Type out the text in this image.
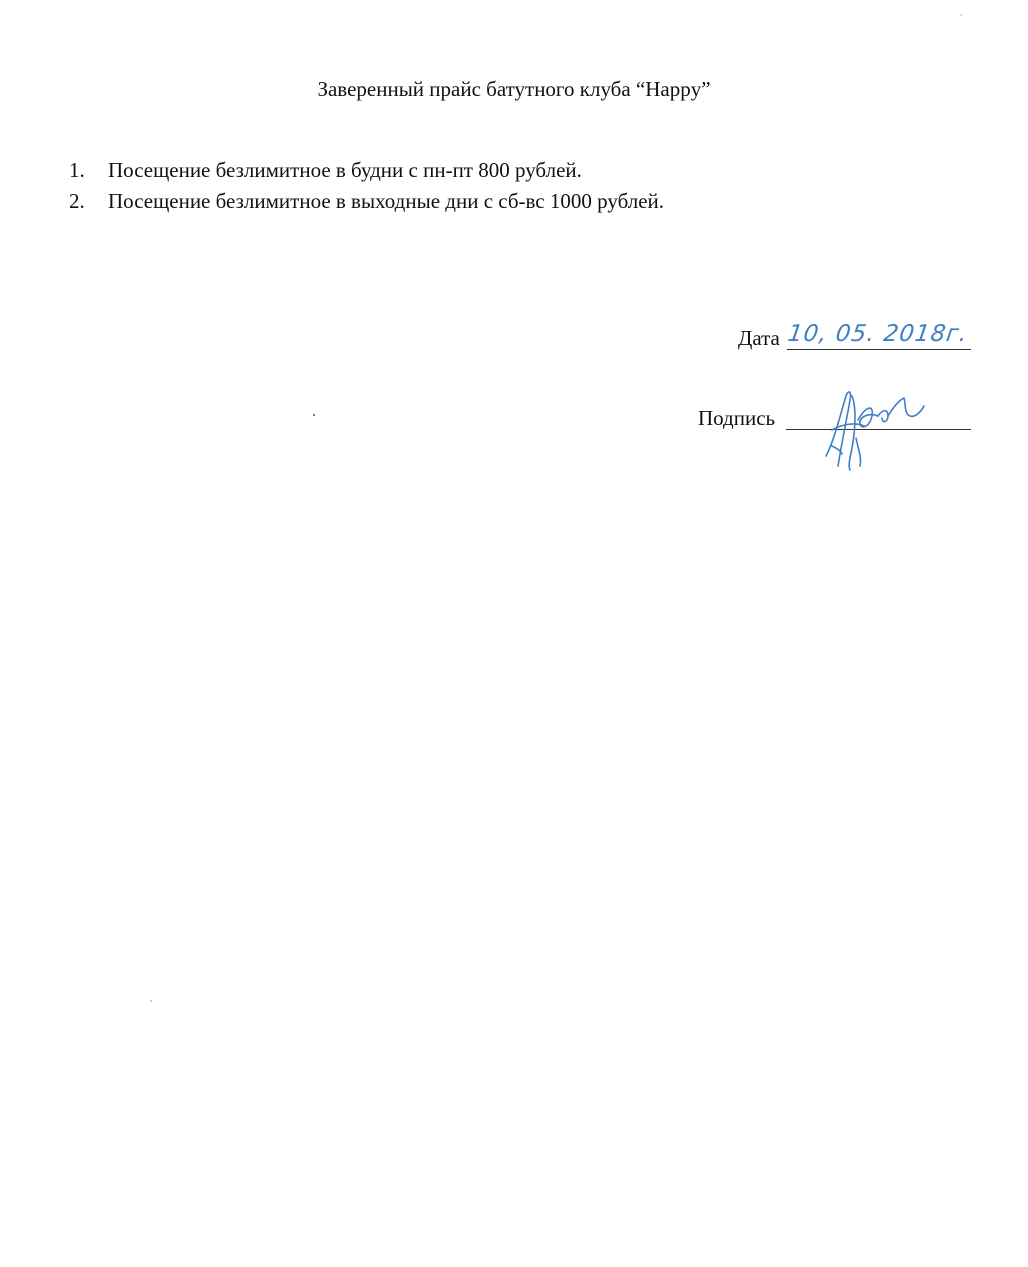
Заверенный прайс батутного клуба “Happy”
1. Посещение безлимитное в будни с пн-пт 800 рублей.
2. Посещение безлимитное в выходные дни с сб-вс 1000 рублей.
Дата 10, 05. 2018г.
Подпись
